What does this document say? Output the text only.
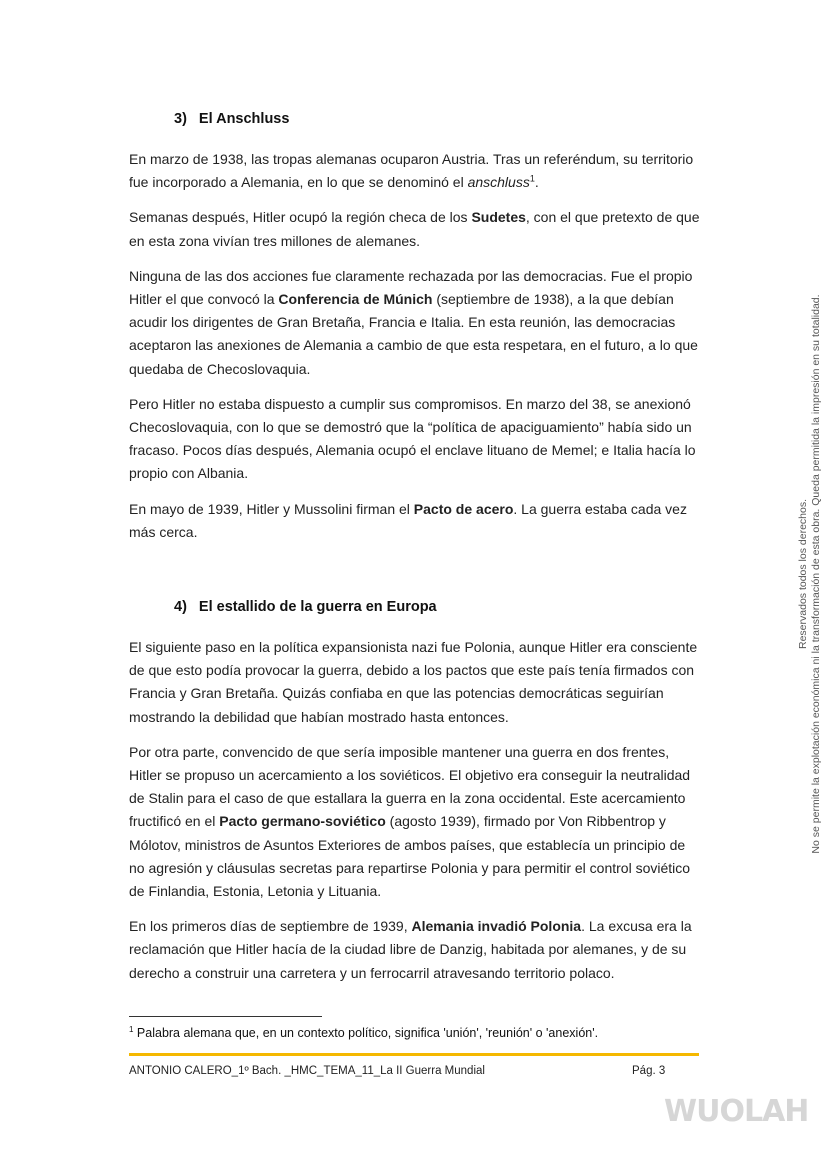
3) El Anschluss

En marzo de 1938, las tropas alemanas ocuparon Austria. Tras un referéndum, su territorio fue incorporado a Alemania, en lo que se denominó el anschluss$^1$.

Semanas después, Hitler ocupó la región checa de los Sudetes, con el que pretexto de que en esta zona vivían tres millones de alemanes.

Ninguna de las dos acciones fue claramente rechazada por las democracias. Fue el propio Hitler el que convocó la Conferencia de Múnich (septiembre de 1938), a la que debían acudir los dirigentes de Gran Bretaña, Francia e Italia. En esta reunión, las democracias aceptaron las anexiones de Alemania a cambio de que esta respetara, en el futuro, a lo que quedaba de Checoslovaquia.

Pero Hitler no estaba dispuesto a cumplir sus compromisos. En marzo del 38, se anexionó Checoslovaquia, con lo que se demostró que la “política de apaciguamiento” había sido un fracaso. Pocos días después, Alemania ocupó el enclave lituano de Memel; e Italia hacía lo propio con Albania.

En mayo de 1939, Hitler y Mussolini firman el Pacto de acero. La guerra estaba cada vez más cerca.

4) El estallido de la guerra en Europa

El siguiente paso en la política expansionista nazi fue Polonia, aunque Hitler era consciente de que esto podía provocar la guerra, debido a los pactos que este país tenía firmados con Francia y Gran Bretaña. Quizás confiaba en que las potencias democráticas seguirían mostrando la debilidad que habían mostrado hasta entonces.

Por otra parte, convencido de que sería imposible mantener una guerra en dos frentes, Hitler se propuso un acercamiento a los soviéticos. El objetivo era conseguir la neutralidad de Stalin para el caso de que estallara la guerra en la zona occidental. Este acercamiento fructificó en el Pacto germano-soviético (agosto 1939), firmado por Von Ribbentrop y Mólotov, ministros de Asuntos Exteriores de ambos países, que establecía un principio de no agresión y cláusulas secretas para repartirse Polonia y para permitir el control soviético de Finlandia, Estonia, Letonia y Lituania.

En los primeros días de septiembre de 1939, Alemania invadió Polonia. La excusa era la reclamación que Hitler hacía de la ciudad libre de Danzig, habitada por alemanes, y de su derecho a construir una carretera y un ferrocarril atravesando territorio polaco.

$^1$ Palabra alemana que, en un contexto político, significa 'unión', 'reunión' o 'anexión'.
ANTONIO CALERO_1º Bach. _HMC_TEMA_11_La II Guerra Mundial	Pág. 3
WUOLAH
Reservados todos los derechos. No se permite la explotación económica ni la transformación de esta obra. Queda permitida la impresión en su totalidad.
